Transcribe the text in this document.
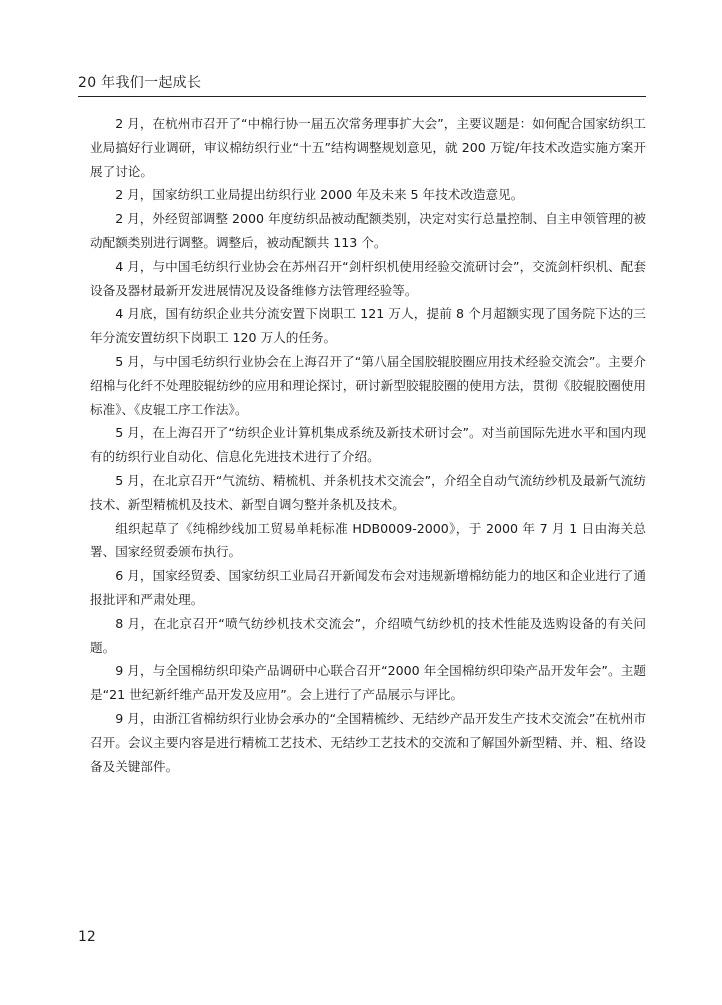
20 年我们一起成长

2 月，在杭州市召开了“中棉行协一届五次常务理事扩大会”，主要议题是：如何配合国家纺织工业局搞好行业调研，审议棉纺织行业“十五”结构调整规划意见，就 200 万锭/年技术改造实施方案开展了讨论。

2 月，国家纺织工业局提出纺织行业 2000 年及未来 5 年技术改造意见。

2 月，外经贸部调整 2000 年度纺织品被动配额类别，决定对实行总量控制、自主申领管理的被动配额类别进行调整。调整后，被动配额共 113 个。

4 月，与中国毛纺织行业协会在苏州召开“剑杆织机使用经验交流研讨会”，交流剑杆织机、配套设备及器材最新开发进展情况及设备维修方法管理经验等。

4 月底，国有纺织企业共分流安置下岗职工 121 万人，提前 8 个月超额实现了国务院下达的三年分流安置纺织下岗职工 120 万人的任务。

5 月，与中国毛纺织行业协会在上海召开了“第八届全国胶辊胶圈应用技术经验交流会”。主要介绍棉与化纤不处理胶辊纺纱的应用和理论探讨，研讨新型胶辊胶圈的使用方法，贯彻《胶辊胶圈使用标准》、《皮辊工序工作法》。

5 月，在上海召开了“纺织企业计算机集成系统及新技术研讨会”。对当前国际先进水平和国内现有的纺织行业自动化、信息化先进技术进行了介绍。

5 月，在北京召开“气流纺、精梳机、并条机技术交流会”，介绍全自动气流纺纱机及最新气流纺技术、新型精梳机及技术、新型自调匀整并条机及技术。

组织起草了《纯棉纱线加工贸易单耗标准 HDB0009-2000》，于 2000 年 7 月 1 日由海关总署、国家经贸委颁布执行。

6 月，国家经贸委、国家纺织工业局召开新闻发布会对违规新增棉纺能力的地区和企业进行了通报批评和严肃处理。

8 月，在北京召开“喷气纺纱机技术交流会”，介绍喷气纺纱机的技术性能及选购设备的有关问题。

9 月，与全国棉纺织印染产品调研中心联合召开“2000 年全国棉纺织印染产品开发年会”。主题是“21 世纪新纤维产品开发及应用”。会上进行了产品展示与评比。

9 月，由浙江省棉纺织行业协会承办的“全国精梳纱、无结纱产品开发生产技术交流会”在杭州市召开。会议主要内容是进行精梳工艺技术、无结纱工艺技术的交流和了解国外新型精、并、粗、络设备及关键部件。

12
